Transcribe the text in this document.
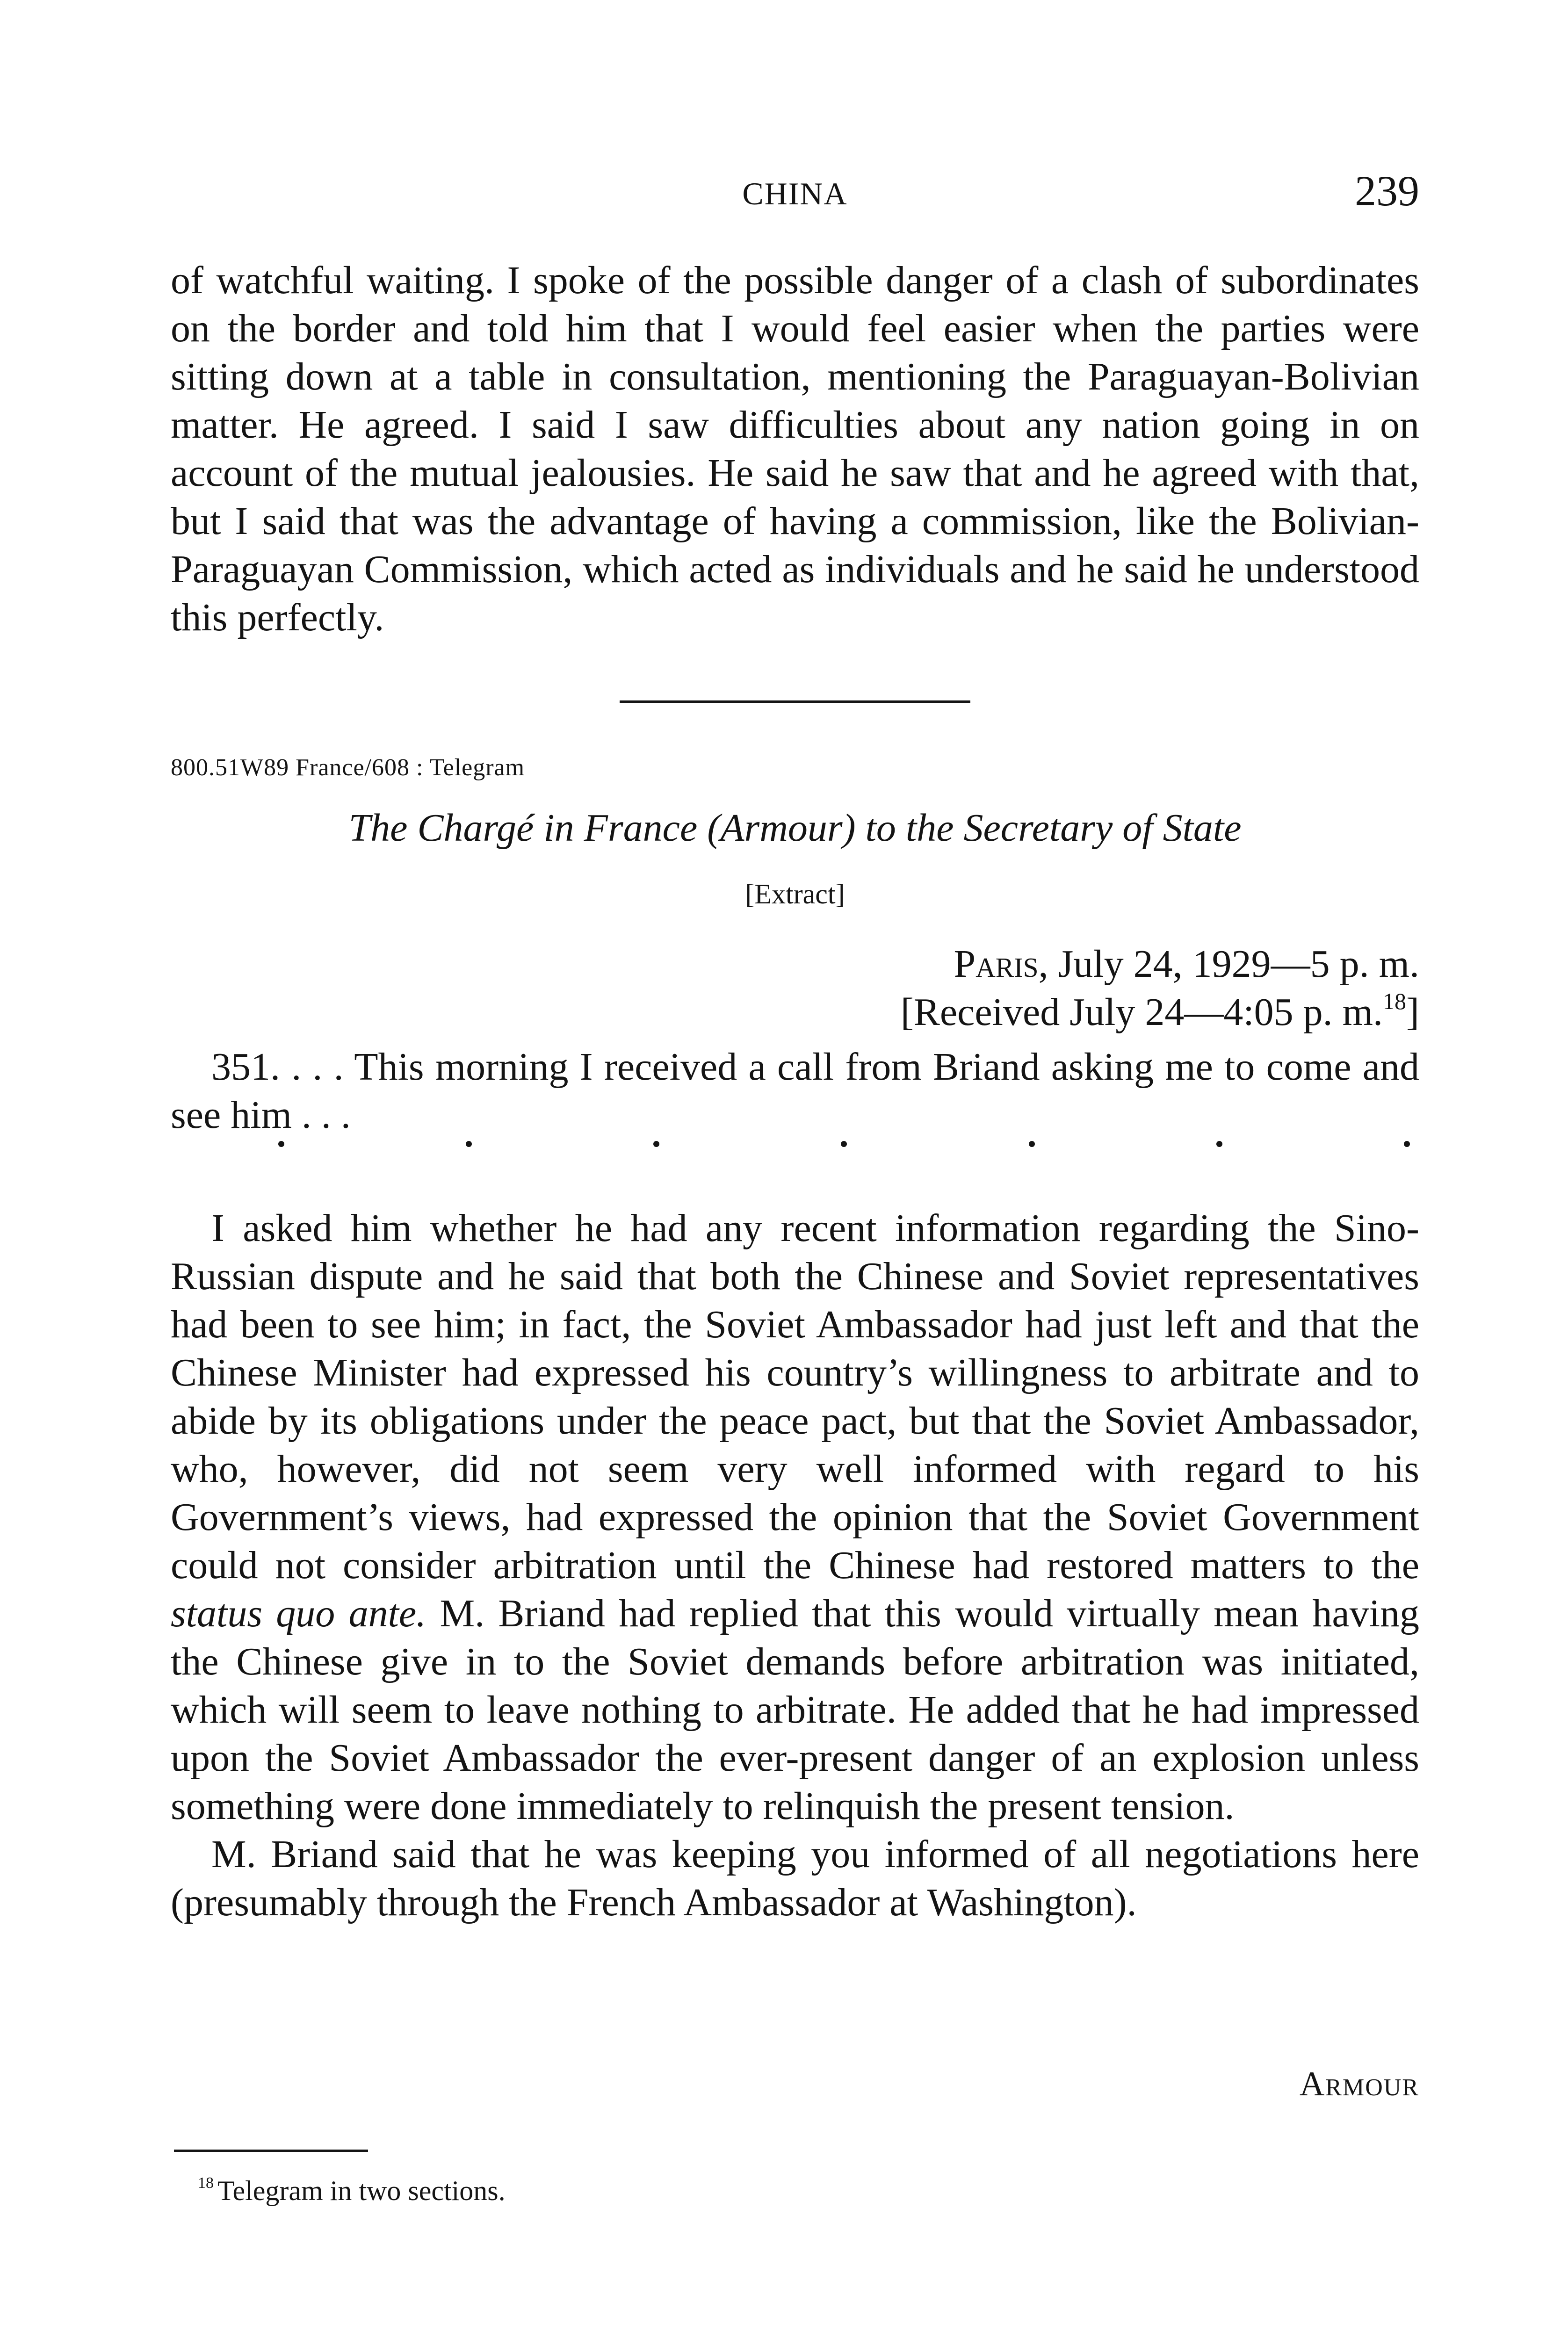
CHINA	239

of watchful waiting. I spoke of the possible danger of a clash of subordinates on the border and told him that I would feel easier when the parties were sitting down at a table in consultation, mentioning the Paraguayan-Bolivian matter. He agreed. I said I saw difficulties about any nation going in on account of the mutual jealousies. He said he saw that and he agreed with that, but I said that was the advantage of having a commission, like the Bolivian-Paraguayan Commission, which acted as individuals and he said he understood this perfectly.

800.51W89 France/608 : Telegram
The Chargé in France (Armour) to the Secretary of State
[Extract]
Paris, July 24, 1929—5 p. m.
[Received July 24—4:05 p. m.$^{18}$]

351. . . . This morning I received a call from Briand asking me to come and see him . . .

I asked him whether he had any recent information regarding the Sino-Russian dispute and he said that both the Chinese and Soviet representatives had been to see him; in fact, the Soviet Ambassador had just left and that the Chinese Minister had expressed his country’s willingness to arbitrate and to abide by its obligations under the peace pact, but that the Soviet Ambassador, who, however, did not seem very well informed with regard to his Government’s views, had expressed the opinion that the Soviet Government could not consider arbitration until the Chinese had restored matters to the status quo ante. M. Briand had replied that this would virtually mean having the Chinese give in to the Soviet demands before arbitration was initiated, which will seem to leave nothing to arbitrate. He added that he had impressed upon the Soviet Ambassador the ever-present danger of an explosion unless something were done immediately to relinquish the present tension.

M. Briand said that he was keeping you informed of all negotiations here (presumably through the French Ambassador at Washington).

Armour
$^{18}$ Telegram in two sections.
